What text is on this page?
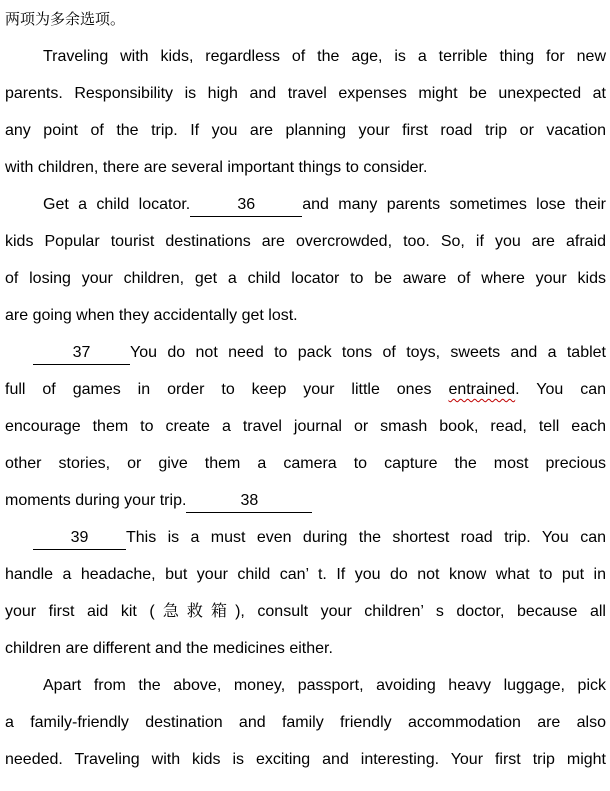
两项为多余选项。
Traveling with kids, regardless of the age, is a terrible thing for new
parents. Responsibility is high and travel expenses might be unexpected at
any point of the trip. If you are planning your first road trip or vacation
with children, there are several important things to consider.
Get a child locator.	36	and many parents sometimes lose their
kids Popular tourist destinations are overcrowded, too. So, if you are afraid
of losing your children, get a child locator to be aware of where your kids
are going when they accidentally get lost.
37 You do not need to pack tons of toys, sweets and a tablet
full of games in order to keep your little ones entrained. You can
encourage them to create a travel journal or smash book, read, tell each
other stories, or give them a camera to capture the most precious
moments during your trip.	38
39 This is a must even during the shortest road trip. You can
handle a headache, but your child can’ t. If you do not know what to put in
your first aid kit (急救箱), consult your children’ s doctor, because all
children are different and the medicines either.
Apart from the above, money, passport, avoiding heavy luggage, pick
a family-friendly destination and family friendly accommodation are also
needed. Traveling with kids is exciting and interesting. Your first trip might
